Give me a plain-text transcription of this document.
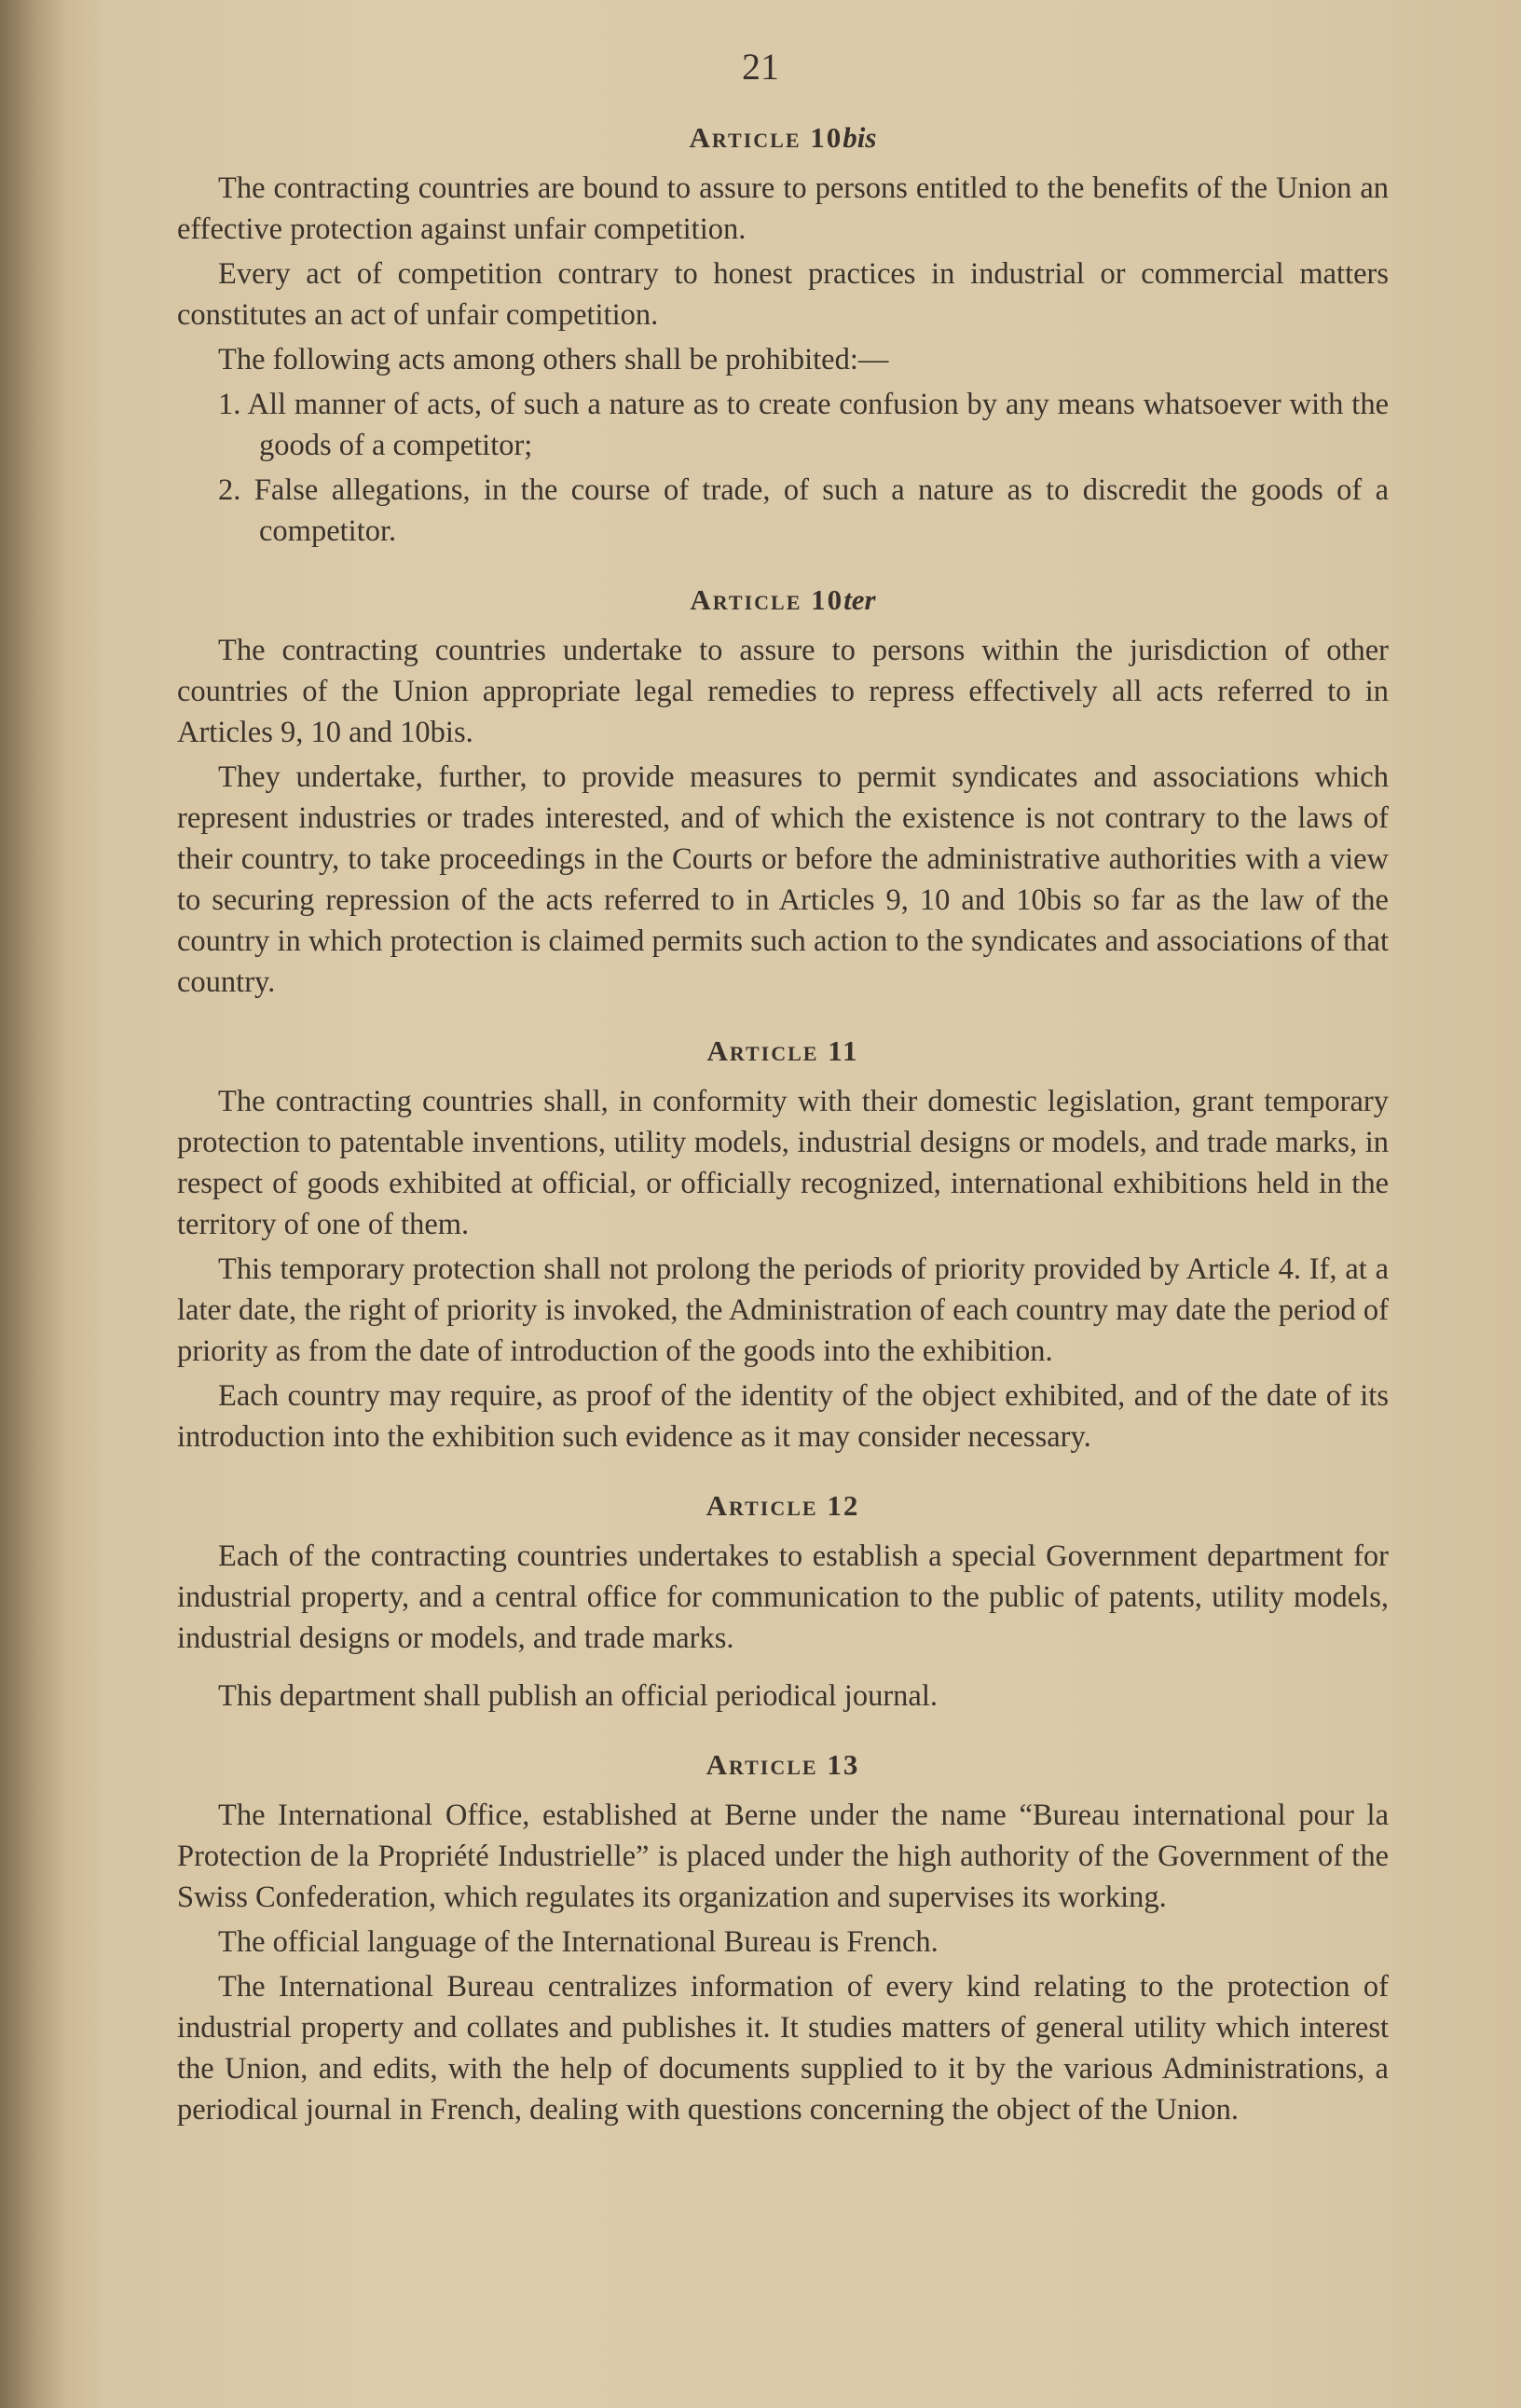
21
Article 10bis

The contracting countries are bound to assure to persons entitled to the benefits of the Union an effective protection against unfair competition.

Every act of competition contrary to honest practices in industrial or commercial matters constitutes an act of unfair competition.

The following acts among others shall be prohibited:—

1. All manner of acts, of such a nature as to create confusion by any means whatsoever with the goods of a competitor;

2. False allegations, in the course of trade, of such a nature as to discredit the goods of a competitor.

Article 10ter

The contracting countries undertake to assure to persons within the jurisdiction of other countries of the Union appropriate legal remedies to repress effectively all acts referred to in Articles 9, 10 and 10bis.

They undertake, further, to provide measures to permit syndicates and associations which represent industries or trades interested, and of which the existence is not contrary to the laws of their country, to take proceedings in the Courts or before the administrative authorities with a view to securing repression of the acts referred to in Articles 9, 10 and 10bis so far as the law of the country in which protection is claimed permits such action to the syndicates and associations of that country.

Article 11

The contracting countries shall, in conformity with their domestic legislation, grant temporary protection to patentable inventions, utility models, industrial designs or models, and trade marks, in respect of goods exhibited at official, or officially recognized, international exhibitions held in the territory of one of them.

This temporary protection shall not prolong the periods of priority provided by Article 4. If, at a later date, the right of priority is invoked, the Administration of each country may date the period of priority as from the date of introduction of the goods into the exhibition.

Each country may require, as proof of the identity of the object exhibited, and of the date of its introduction into the exhibition such evidence as it may consider necessary.

Article 12

Each of the contracting countries undertakes to establish a special Government department for industrial property, and a central office for communication to the public of patents, utility models, industrial designs or models, and trade marks.

This department shall publish an official periodical journal.

Article 13

The International Office, established at Berne under the name “Bureau international pour la Protection de la Propriété Industrielle” is placed under the high authority of the Government of the Swiss Confederation, which regulates its organization and supervises its working.

The official language of the International Bureau is French.

The International Bureau centralizes information of every kind relating to the protection of industrial property and collates and publishes it. It studies matters of general utility which interest the Union, and edits, with the help of documents supplied to it by the various Administrations, a periodical journal in French, dealing with questions concerning the object of the Union.
